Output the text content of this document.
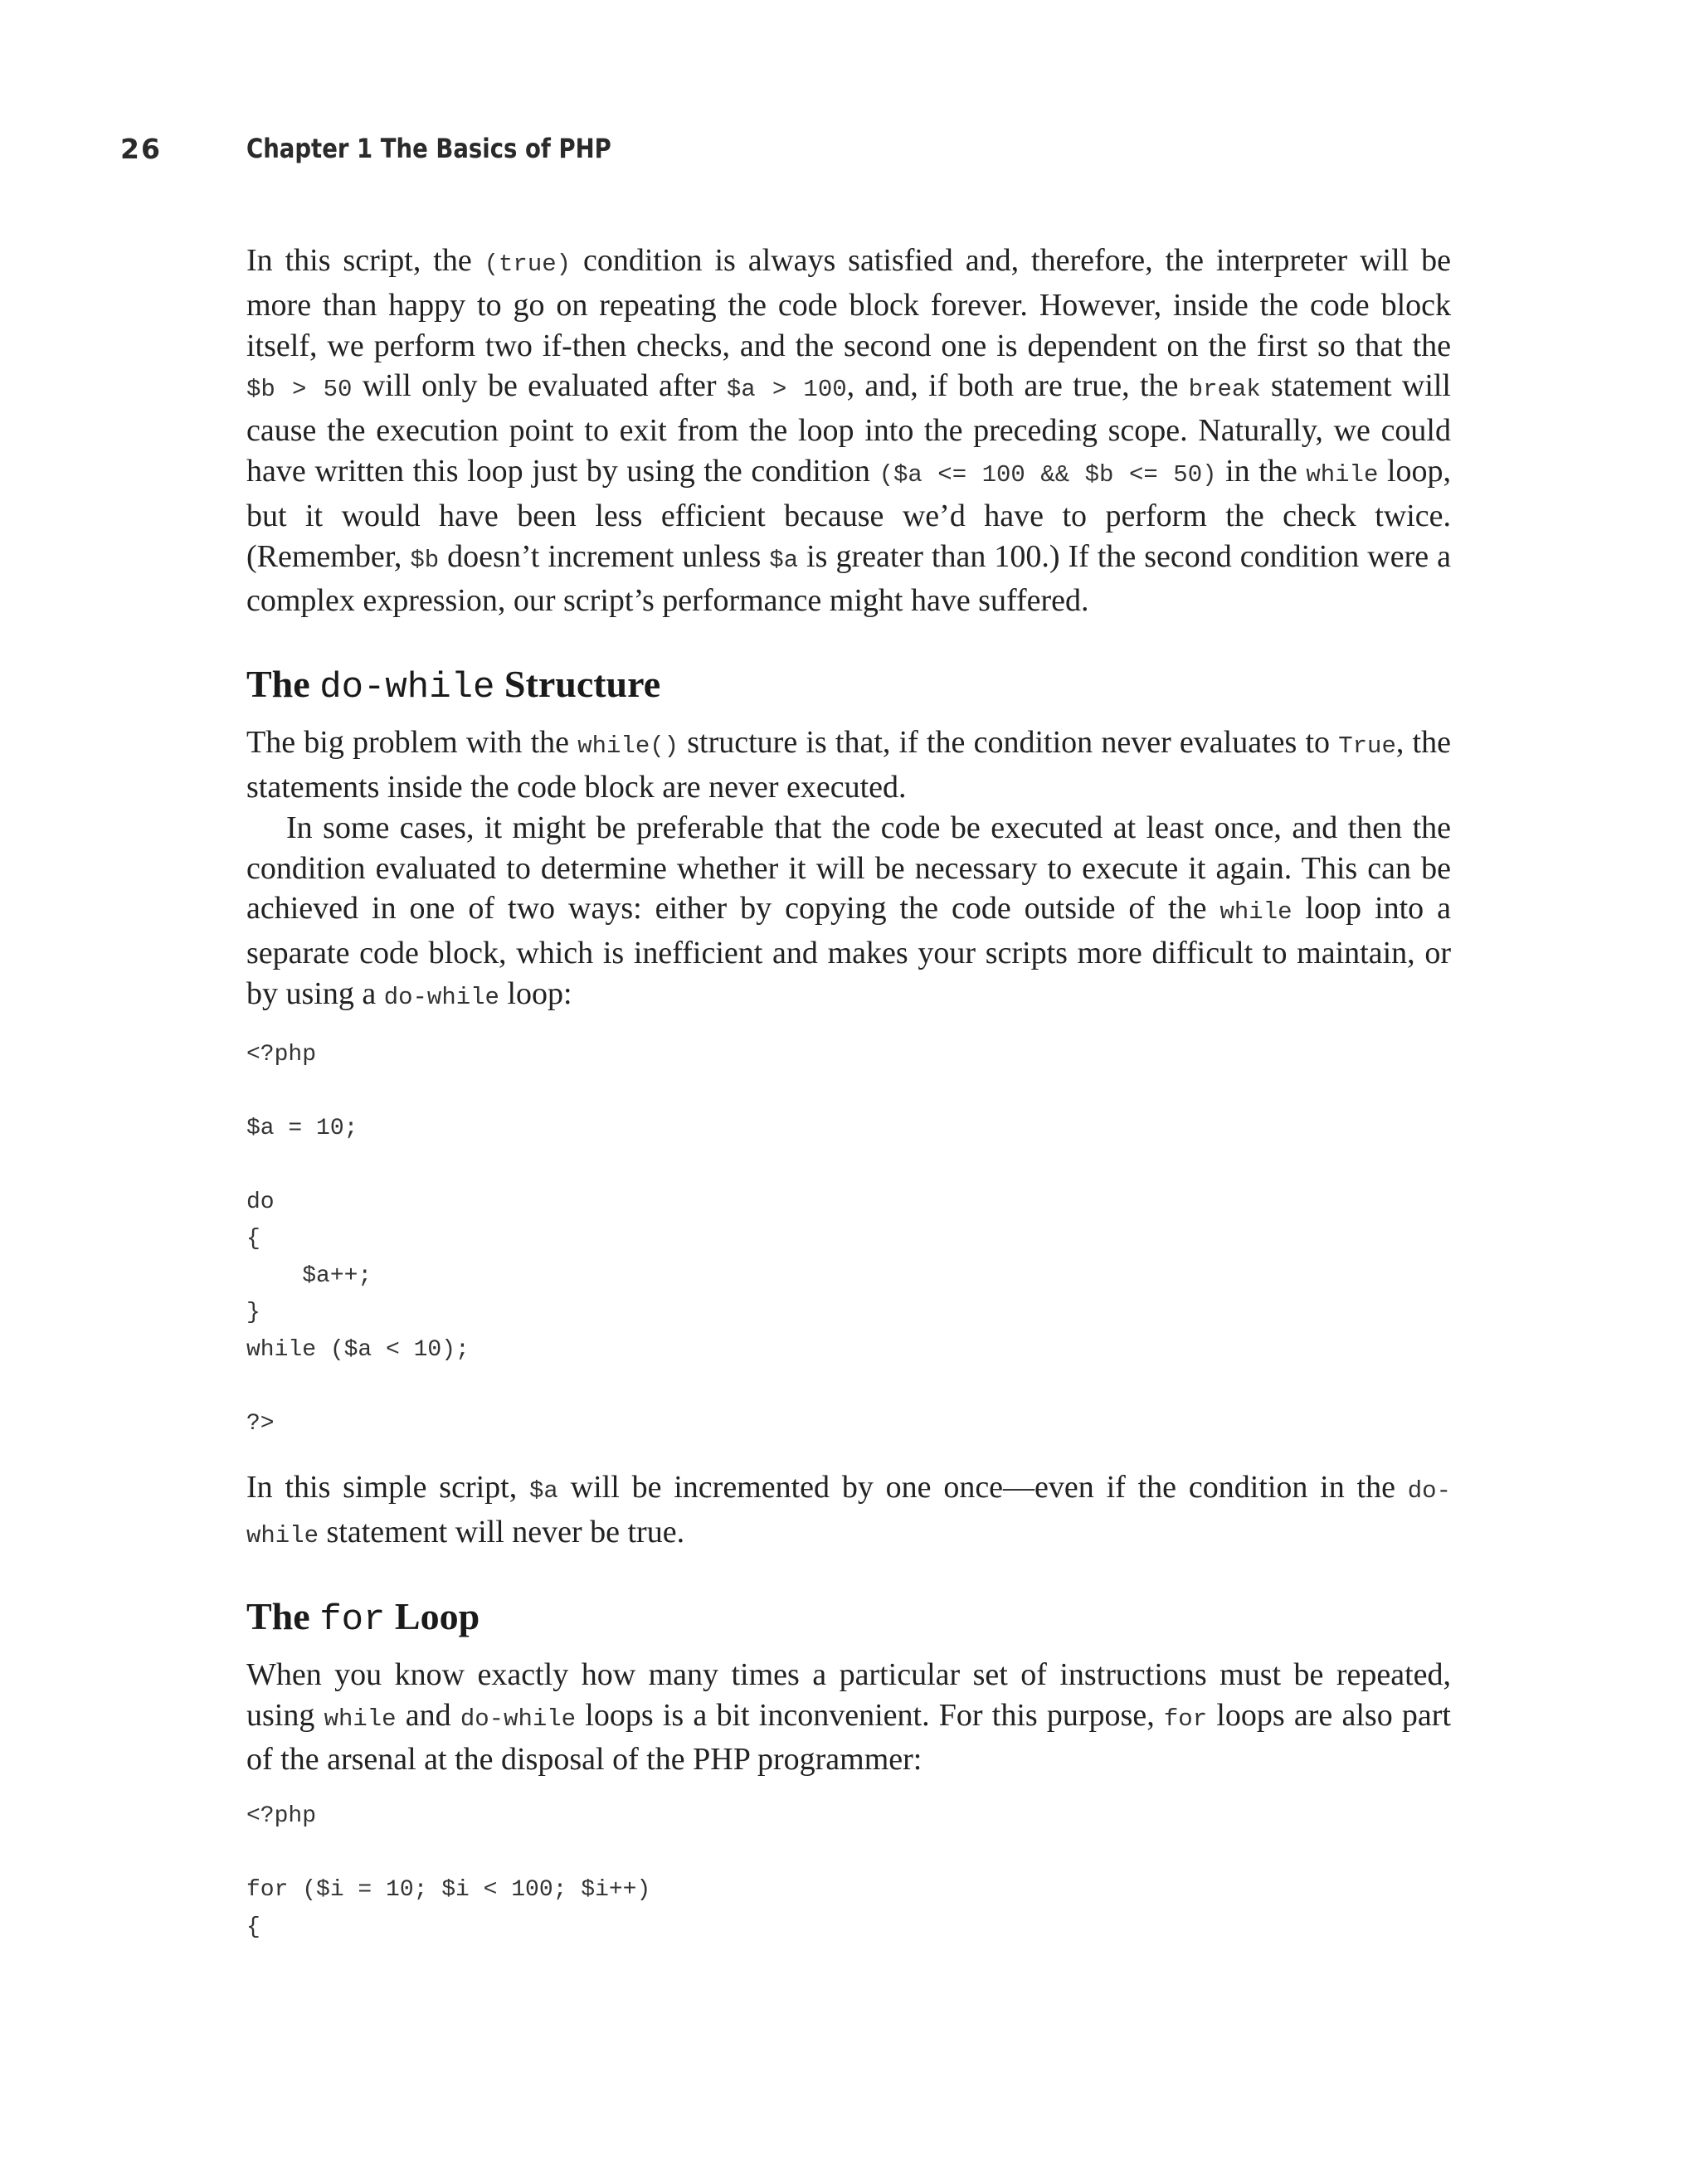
26	Chapter 1 The Basics of PHP

In this script, the (true) condition is always satisfied and, therefore, the interpreter will be more than happy to go on repeating the code block forever. However, inside the code block itself, we perform two if-then checks, and the second one is dependent on the first so that the $b > 50 will only be evaluated after $a > 100, and, if both are true, the break statement will cause the execution point to exit from the loop into the preceding scope. Naturally, we could have written this loop just by using the condition ($a <= 100 && $b <= 50) in the while loop, but it would have been less efficient because we’d have to perform the check twice. (Remember, $b doesn’t increment unless $a is greater than 100.) If the second condition were a complex expression, our script’s performance might have suffered.

The do-while Structure

The big problem with the while() structure is that, if the condition never evaluates to True, the statements inside the code block are never executed.

In some cases, it might be preferable that the code be executed at least once, and then the condition evaluated to determine whether it will be necessary to execute it again. This can be achieved in one of two ways: either by copying the code outside of the while loop into a separate code block, which is inefficient and makes your scripts more difficult to maintain, or by using a do-while loop:

<?php

$a = 10;

do
{
$a++;
}
while ($a < 10);

?>

In this simple script, $a will be incremented by one once—even if the condition in the do-while statement will never be true.

The for Loop

When you know exactly how many times a particular set of instructions must be repeated, using while and do-while loops is a bit inconvenient. For this purpose, for loops are also part of the arsenal at the disposal of the PHP programmer:

<?php

for ($i = 10; $i < 100; $i++)
{
